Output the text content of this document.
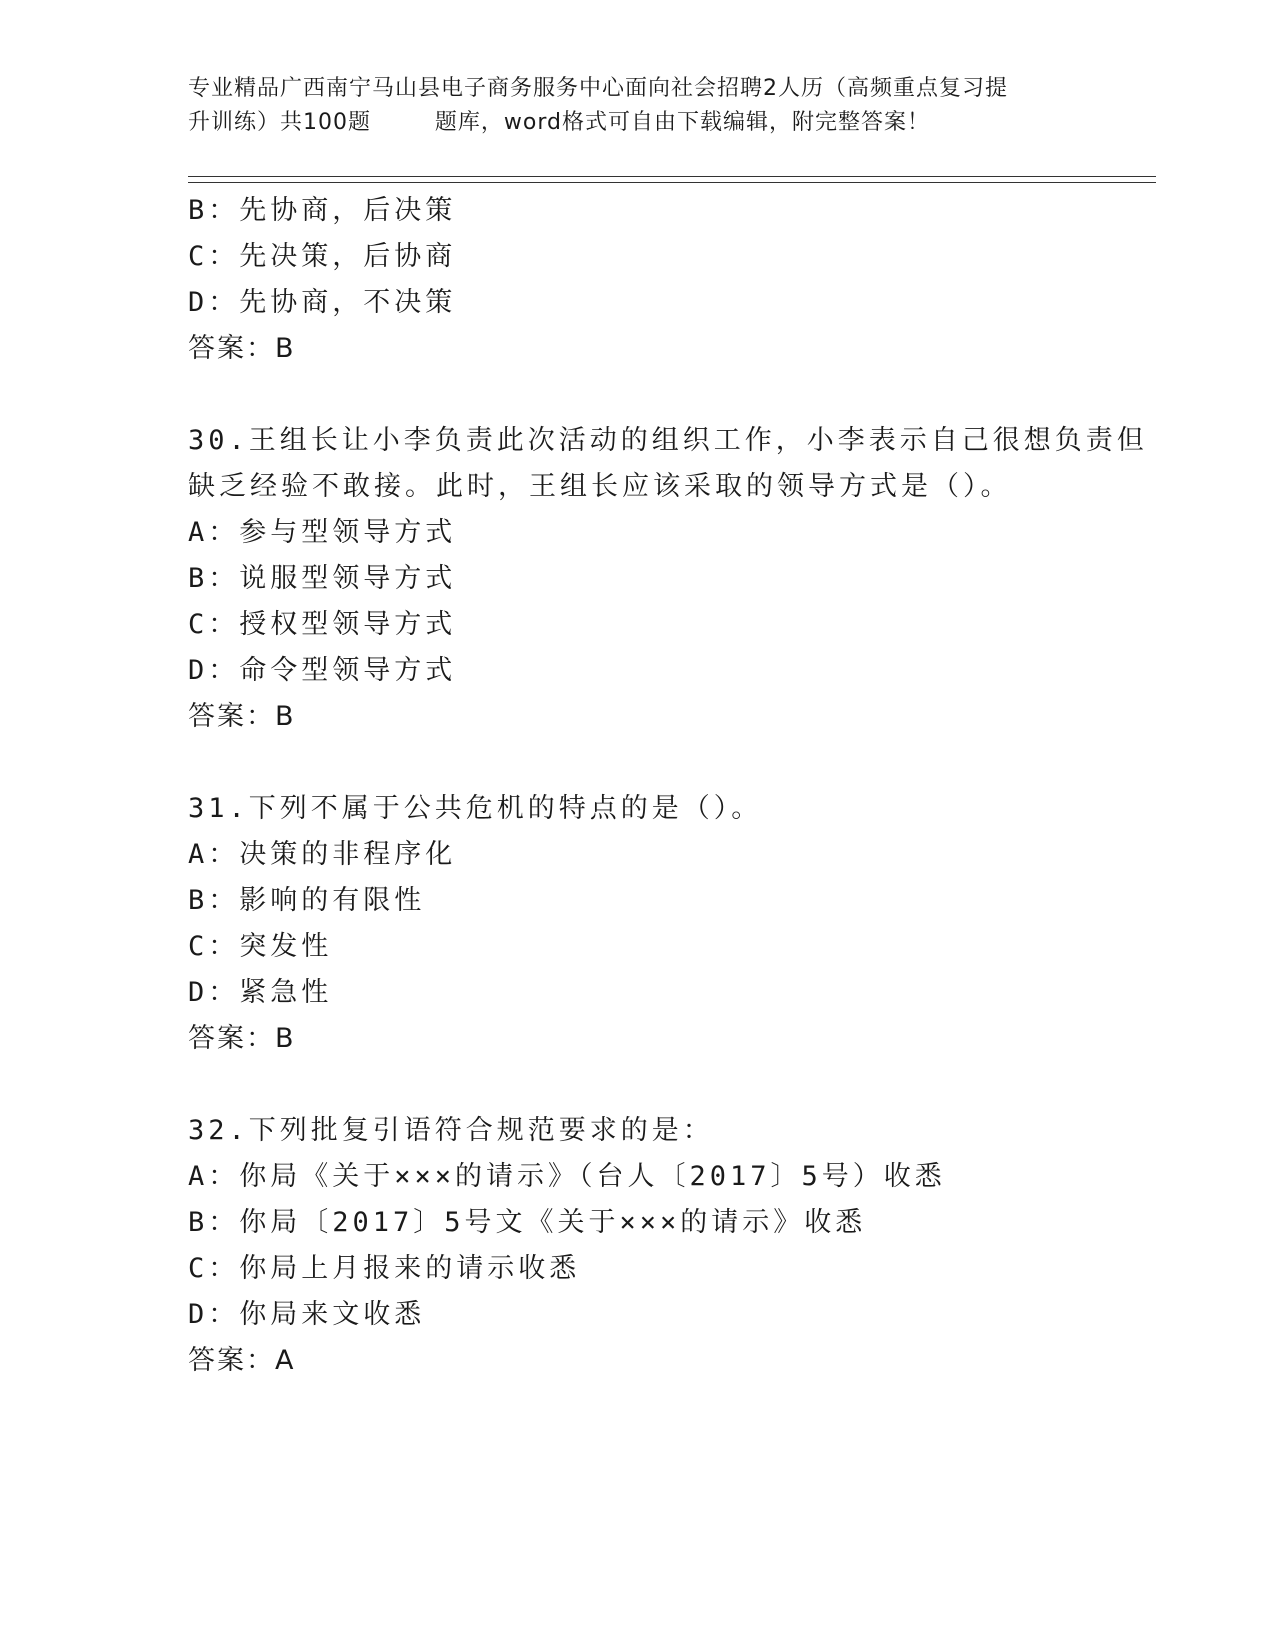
专业精品广西南宁马山县电子商务服务中心面向社会招聘2人历（高频重点复习提
升训练）共100题        题库，word格式可自由下载编辑，附完整答案！
B：先协商，后决策
C：先决策，后协商
D：先协商，不决策
答案：B
30.王组长让小李负责此次活动的组织工作，小李表示自己很想负责但
缺乏经验不敢接。此时，王组长应该采取的领导方式是（）。
A：参与型领导方式
B：说服型领导方式
C：授权型领导方式
D：命令型领导方式
答案：B
31.下列不属于公共危机的特点的是（）。
A：决策的非程序化
B：影响的有限性
C：突发性
D：紧急性
答案：B
32.下列批复引语符合规范要求的是：
A：你局《关于×××的请示》（台人〔2017〕5号）收悉
B：你局〔2017〕5号文《关于×××的请示》收悉
C：你局上月报来的请示收悉
D：你局来文收悉
答案：A
